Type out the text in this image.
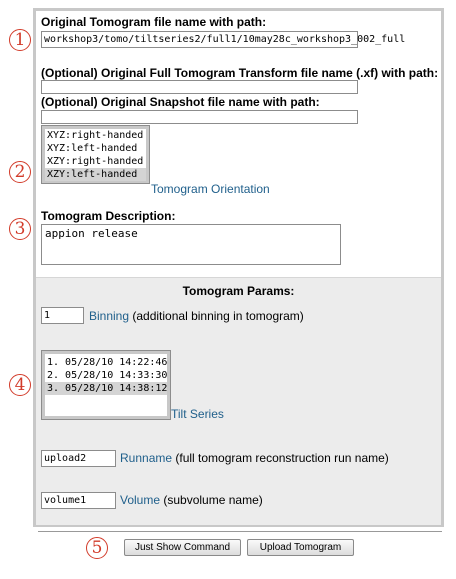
Original Tomogram file name with path:
workshop3/tomo/tiltseries2/full1/10may28c_workshop3_002_full
(Optional) Original Full Tomogram Transform file name (.xf) with path:
(Optional) Original Snapshot file name with path:
XYZ:right-handed
XYZ:left-handed
XZY:right-handed
XZY:left-handed
Tomogram Orientation
Tomogram Description:
appion release
Tomogram Params:
1	Binning (additional binning in tomogram)
1. 05/28/10 14:22:46
2. 05/28/10 14:33:30
3. 05/28/10 14:38:12
Tilt Series
upload2	Runname (full tomogram reconstruction run name)
volume1	Volume (subvolume name)
Just Show Command	Upload Tomogram
1
2
3
4
5
